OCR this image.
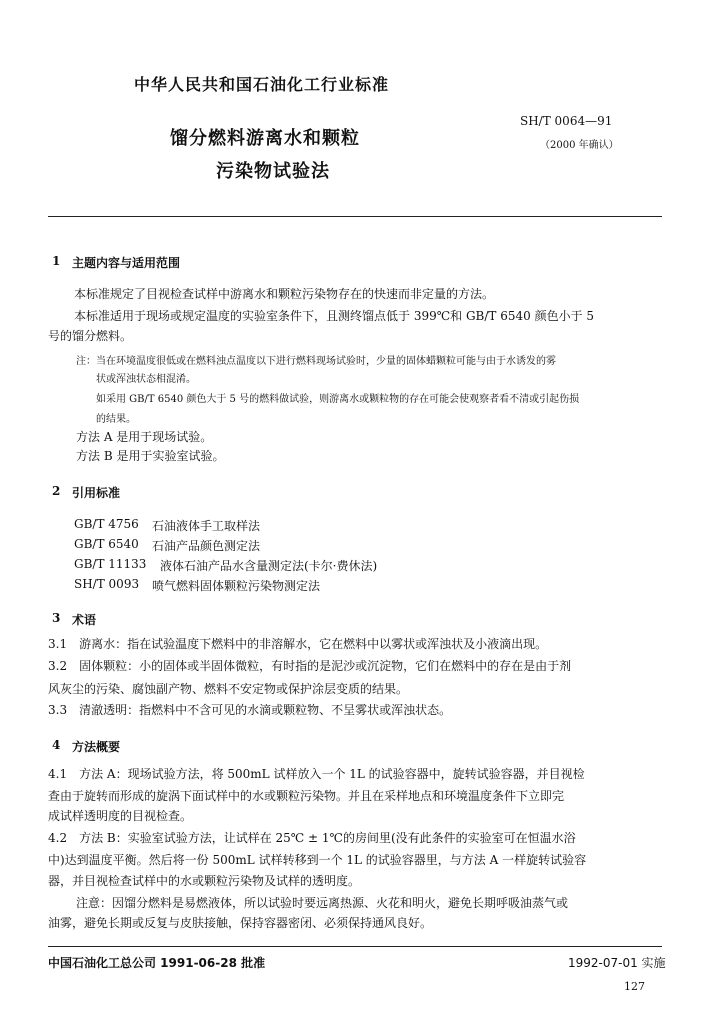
中华人民共和国石油化工行业标准
SH/T 0064—91
（2000 年确认）
馏分燃料游离水和颗粒
污染物试验法
1 主题内容与适用范围
本标准规定了目视检查试样中游离水和颗粒污染物存在的快速而非定量的方法。
本标准适用于现场或规定温度的实验室条件下，且测终馏点低于 399℃和 GB/T 6540 颜色小于 5
号的馏分燃料。
注：当在环境温度很低或在燃料浊点温度以下进行燃料现场试验时，少量的固体蜡颗粒可能与由于水诱发的雾
状或浑浊状态相混淆。
如采用 GB/T 6540 颜色大于 5 号的燃料做试验，则游离水或颗粒物的存在可能会使观察者看不清或引起伤损
的结果。
方法 A 是用于现场试验。
方法 B 是用于实验室试验。
2 引用标准
GB/T 4756 石油液体手工取样法
GB/T 6540 石油产品颜色测定法
GB/T 11133 液体石油产品水含量测定法(卡尔·费休法)
SH/T 0093 喷气燃料固体颗粒污染物测定法
3 术语
3.1　游离水：指在试验温度下燃料中的非溶解水，它在燃料中以雾状或浑浊状及小液滴出现。
3.2　固体颗粒：小的固体或半固体微粒，有时指的是泥沙或沉淀物，它们在燃料中的存在是由于剂
风灰尘的污染、腐蚀副产物、燃料不安定物或保护涂层变质的结果。
3.3　清澈透明：指燃料中不含可见的水滴或颗粒物、不呈雾状或浑浊状态。
4 方法概要
4.1　方法 A：现场试验方法，将 500mL 试样放入一个 1L 的试验容器中，旋转试验容器，并目视检
查由于旋转而形成的旋涡下面试样中的水或颗粒污染物。并且在采样地点和环境温度条件下立即完
成试样透明度的目视检查。
4.2　方法 B：实验室试验方法，让试样在 25℃ ± 1℃的房间里(没有此条件的实验室可在恒温水浴
中)达到温度平衡。然后将一份 500mL 试样转移到一个 1L 的试验容器里，与方法 A 一样旋转试验容
器，并目视检查试样中的水或颗粒污染物及试样的透明度。
注意：因馏分燃料是易燃液体，所以试验时要远离热源、火花和明火，避免长期呼吸油蒸气或
油雾，避免长期或反复与皮肤接触，保持容器密闭、必须保持通风良好。
中国石油化工总公司 1991-06-28 批准	1992-07-01 实施
127
